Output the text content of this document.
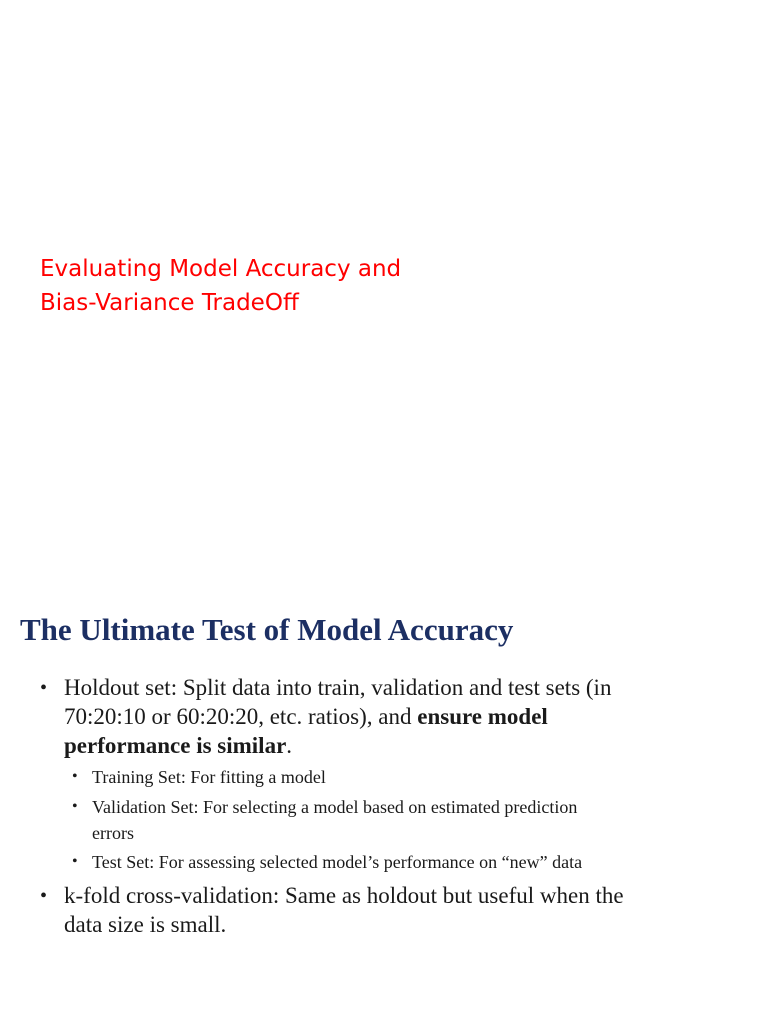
Evaluating Model Accuracy and
Bias-Variance TradeOff
The Ultimate Test of Model Accuracy
• Holdout set: Split data into train, validation and test sets (in
70:20:10 or 60:20:20, etc. ratios), and ensure model
performance is similar.
• Training Set: For fitting a model
• Validation Set: For selecting a model based on estimated prediction
errors
• Test Set: For assessing selected model’s performance on “new” data
• k-fold cross-validation: Same as holdout but useful when the
data size is small.
